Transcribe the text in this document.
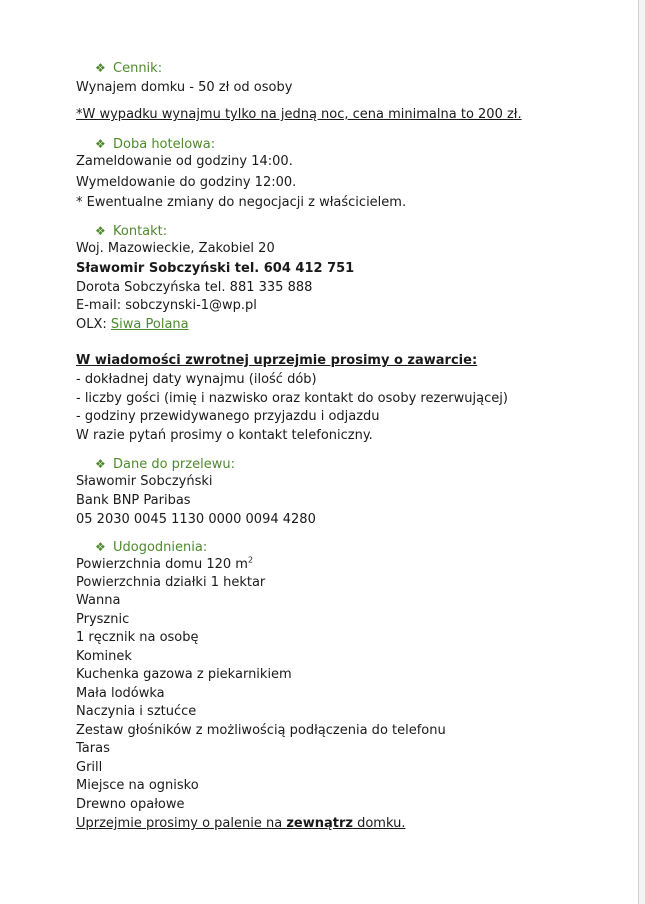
❖ Cennik:
Wynajem domku - 50 zł od osoby
*W wypadku wynajmu tylko na jedną noc, cena minimalna to 200 zł.
❖ Doba hotelowa:
Zameldowanie od godziny 14:00.
Wymeldowanie do godziny 12:00.
* Ewentualne zmiany do negocjacji z właścicielem.
❖ Kontakt:
Woj. Mazowieckie, Zakobiel 20
Sławomir Sobczyński tel. 604 412 751
Dorota Sobczyńska tel. 881 335 888
E-mail: sobczynski-1@wp.pl
OLX: Siwa Polana
W wiadomości zwrotnej uprzejmie prosimy o zawarcie:
- dokładnej daty wynajmu (ilość dób)
- liczby gości (imię i nazwisko oraz kontakt do osoby rezerwującej)
- godziny przewidywanego przyjazdu i odjazdu
W razie pytań prosimy o kontakt telefoniczny.
❖ Dane do przelewu:
Sławomir Sobczyński
Bank BNP Paribas
05 2030 0045 1130 0000 0094 4280
❖ Udogodnienia:
Powierzchnia domu 120 $m^2$
Powierzchnia działki 1 hektar
Wanna
Prysznic
1 ręcznik na osobę
Kominek
Kuchenka gazowa z piekarnikiem
Mała lodówka
Naczynia i sztućce
Zestaw głośników z możliwością podłączenia do telefonu
Taras
Grill
Miejsce na ognisko
Drewno opałowe
Uprzejmie prosimy o palenie na zewnątrz domku.
